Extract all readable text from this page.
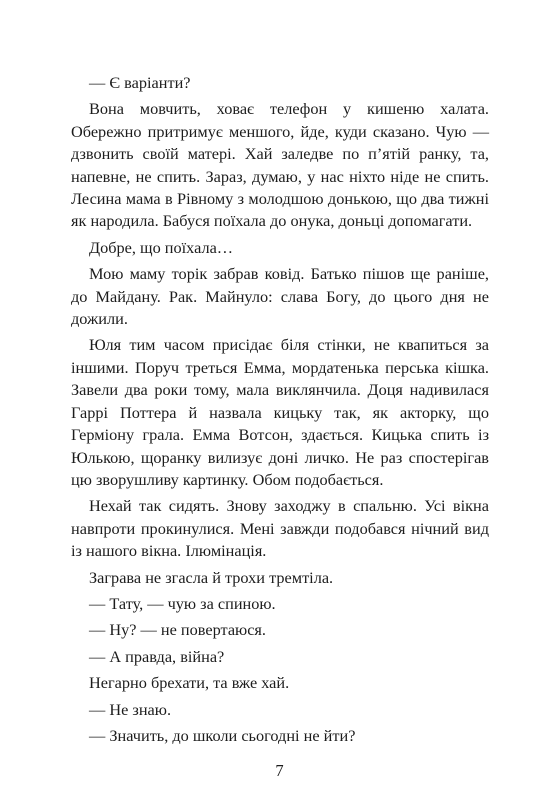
— Є варіанти?

Вона мовчить, ховає телефон у кишеню халата. Обережно притримує меншого, йде, куди сказано. Чую — дзвонить своїй матері. Хай заледве по п’ятій ранку, та, напевне, не спить. Зараз, думаю, у нас ніхто ніде не спить. Лесина мама в Рівному з молодшою донькою, що два тижні як народила. Бабуся поїхала до онука, доньці допомагати.

Добре, що поїхала…

Мою маму торік забрав ковід. Батько пішов ще раніше, до Майдану. Рак. Майнуло: слава Богу, до цього дня не дожили.

Юля тим часом присідає біля стінки, не квапиться за іншими. Поруч треться Емма, мордатенька перська кішка. Завели два роки тому, мала виклянчила. Доця надивилася Гаррі Поттера й назвала кицьку так, як акторку, що Герміону грала. Емма Вотсон, здається. Кицька спить із Юлькою, щоранку вилизує доні личко. Не раз спостерігав цю зворушливу картинку. Обом подобається.

Нехай так сидять. Знову заходжу в спальню. Усі вікна навпроти прокинулися. Мені завжди подобався нічний вид із нашого вікна. Ілюмінація.

Заграва не згасла й трохи тремтіла.

— Тату, — чую за спиною.

— Ну? — не повертаюся.

— А правда, війна?

Негарно брехати, та вже хай.

— Не знаю.

— Значить, до школи сьогодні не йти?

7
